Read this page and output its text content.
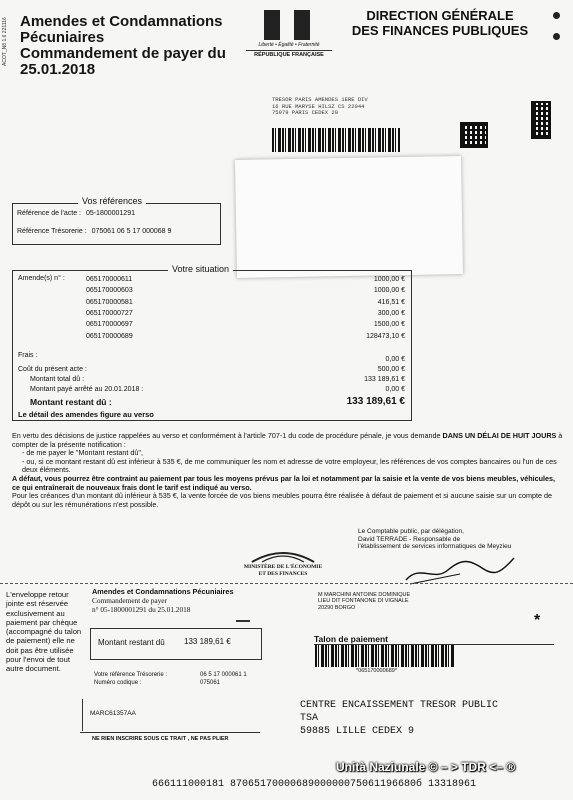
Amendes et Condamnations
Pécuniaires
Commandement de payer du
25.01.2018
Liberté • Égalité • Fraternité
RÉPUBLIQUE FRANÇAISE
DIRECTION GÉNÉRALE
DES FINANCES PUBLIQUES
ACOT_N8 1.6 221116
TRESOR PARIS AMENDES 1ERE DIV
16 RUE MARYSE HILSZ CS 22044
75979 PARIS CEDEX 20
Vos références
Référence de l'acte : 05-1800001291
Référence Trésorerie : 075061 06 5 17 000068 9
Votre situation
Amende(s) n° :	065170000611	1000,00 €
065170000603	1000,00 €
065170000581	416,51 €
065170000727	300,00 €
065170000697	1500,00 €
065170000689	128473,10 €
Frais :
0,00 €
Coût du présent acte :	500,00 €
Montant total dû :	133 189,61 €
Montant payé arrêté au 20.01.2018 :	0,00 €
Montant restant dû :	133 189,61 €
Le détail des amendes figure au verso

En vertu des décisions de justice rappelées au verso et conformément à l'article 707-1 du code de procédure pénale, je vous demande DANS UN DÉLAI DE HUIT JOURS à compter de la présente notification :

- de me payer le "Montant restant dû",

- ou, si ce montant restant dû est inférieur à 535 €, de me communiquer les nom et adresse de votre employeur, les références de vos comptes bancaires ou l'un de ces deux éléments.

A défaut, vous pourrez être contraint au paiement par tous les moyens prévus par la loi et notamment par la saisie et la vente de vos biens meubles, véhicules, ce qui entraînerait de nouveaux frais dont le tarif est indiqué au verso.

Pour les créances d'un montant dû inférieur à 535 €, la vente forcée de vos biens meubles pourra être réalisée à défaut de paiement et si aucune saisie sur un compte de dépôt ou sur les rémunérations n'est possible.

Le Comptable public, par délégation,
David TERRADE - Responsable de
l'établissement de services informatiques de Meyzieu
MINISTÈRE DE L'ÉCONOMIE
ET DES FINANCES
L'enveloppe retour jointe est réservée exclusivement au paiement par chèque (accompagné du talon de paiement) elle ne doit pas être utilisée pour l'envoi de tout autre document.
Amendes et Condamnations Pécuniaires
Commandement de payer
n° 05-1800001291 du 25.01.2018
Montant restant dû 133 189,61 €
Votre référence Trésorerie :	06 5 17 000061 1
Numéro codique :	075061
MARC61357AA
NE RIEN INSCRIRE SOUS CE TRAIT , NE PAS PLIER
M MARCHINI ANTOINE DOMINIQUE
LIEU DIT FONTANONE DI VIGNALE
20290 BORGO
Talon de paiement
*065170000689*
*
CENTRE ENCAISSEMENT TRESOR PUBLIC
TSA
59885 LILLE CEDEX 9
666111000181 8706517000068900000075061196680б 13318961
Unità Naziunale © – > TDR <– ®
